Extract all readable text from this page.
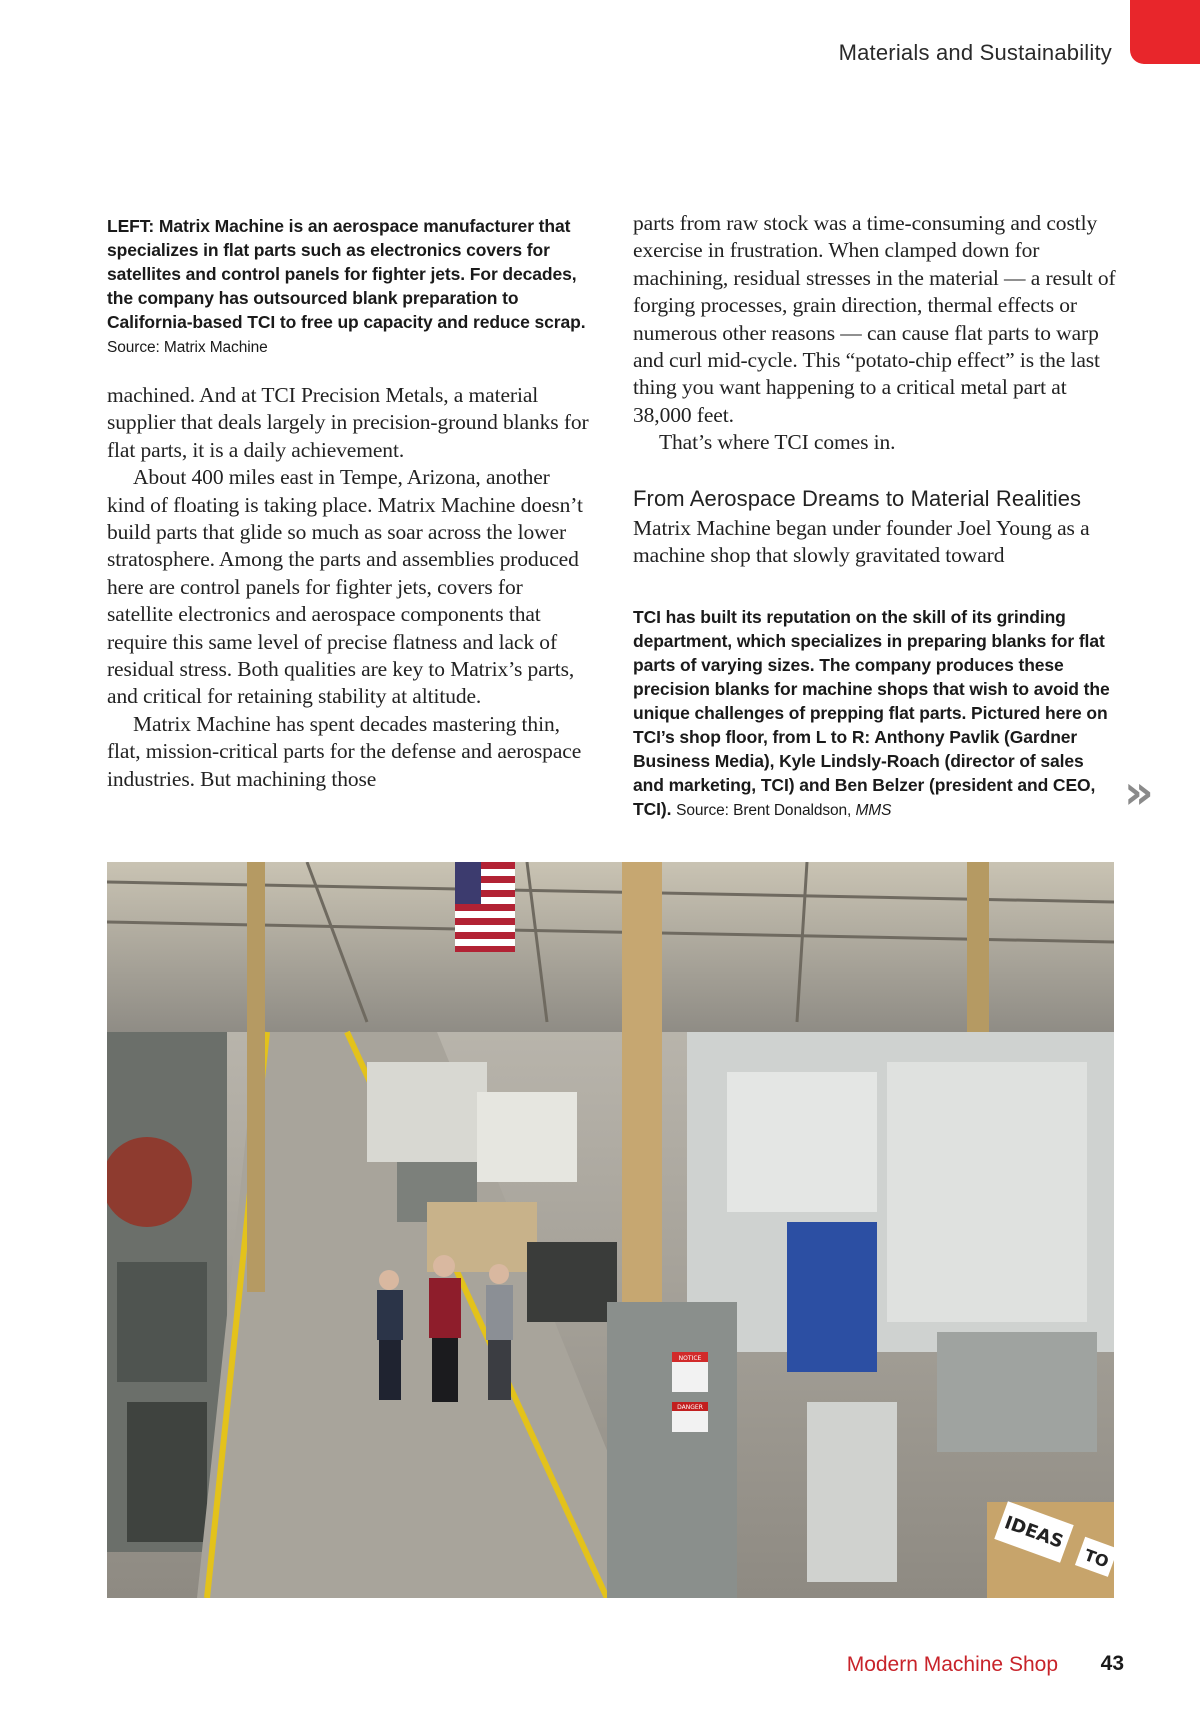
Materials and Sustainability
LEFT: Matrix Machine is an aerospace manufacturer that specializes in flat parts such as electronics covers for satellites and control panels for fighter jets. For decades, the company has outsourced blank preparation to California-based TCI to free up capacity and reduce scrap. Source: Matrix Machine

machined. And at TCI Precision Metals, a material supplier that deals largely in precision-ground blanks for flat parts, it is a daily achievement.

About 400 miles east in Tempe, Arizona, another kind of floating is taking place. Matrix Machine doesn’t build parts that glide so much as soar across the lower stratosphere. Among the parts and assemblies produced here are control panels for fighter jets, covers for satellite electronics and aerospace components that require this same level of precise flatness and lack of residual stress. Both qualities are key to Matrix’s parts, and critical for retaining stability at altitude.

Matrix Machine has spent decades mastering thin, flat, mission-critical parts for the defense and aerospace industries. But machining those

parts from raw stock was a time-consuming and costly exercise in frustration. When clamped down for machining, residual stresses in the material — a result of forging processes, grain direction, thermal effects or numerous other reasons — can cause flat parts to warp and curl mid-cycle. This “potato-chip effect” is the last thing you want happening to a critical metal part at 38,000 feet.

That’s where TCI comes in.

From Aerospace Dreams to Material Realities

Matrix Machine began under founder Joel Young as a machine shop that slowly gravitated toward

TCI has built its reputation on the skill of its grinding department, which specializes in preparing blanks for flat parts of varying sizes. The company produces these precision blanks for machine shops that wish to avoid the unique challenges of prepping flat parts. Pictured here on TCI’s shop floor, from L to R: Anthony Pavlik (Gardner Business Media), Kyle Lindsly-Roach (director of sales and marketing, TCI) and Ben Belzer (president and CEO, TCI). Source: Brent Donaldson, MMS	»
NOTICE
DANGER
IDEAS
TO
Modern Machine Shop 43
